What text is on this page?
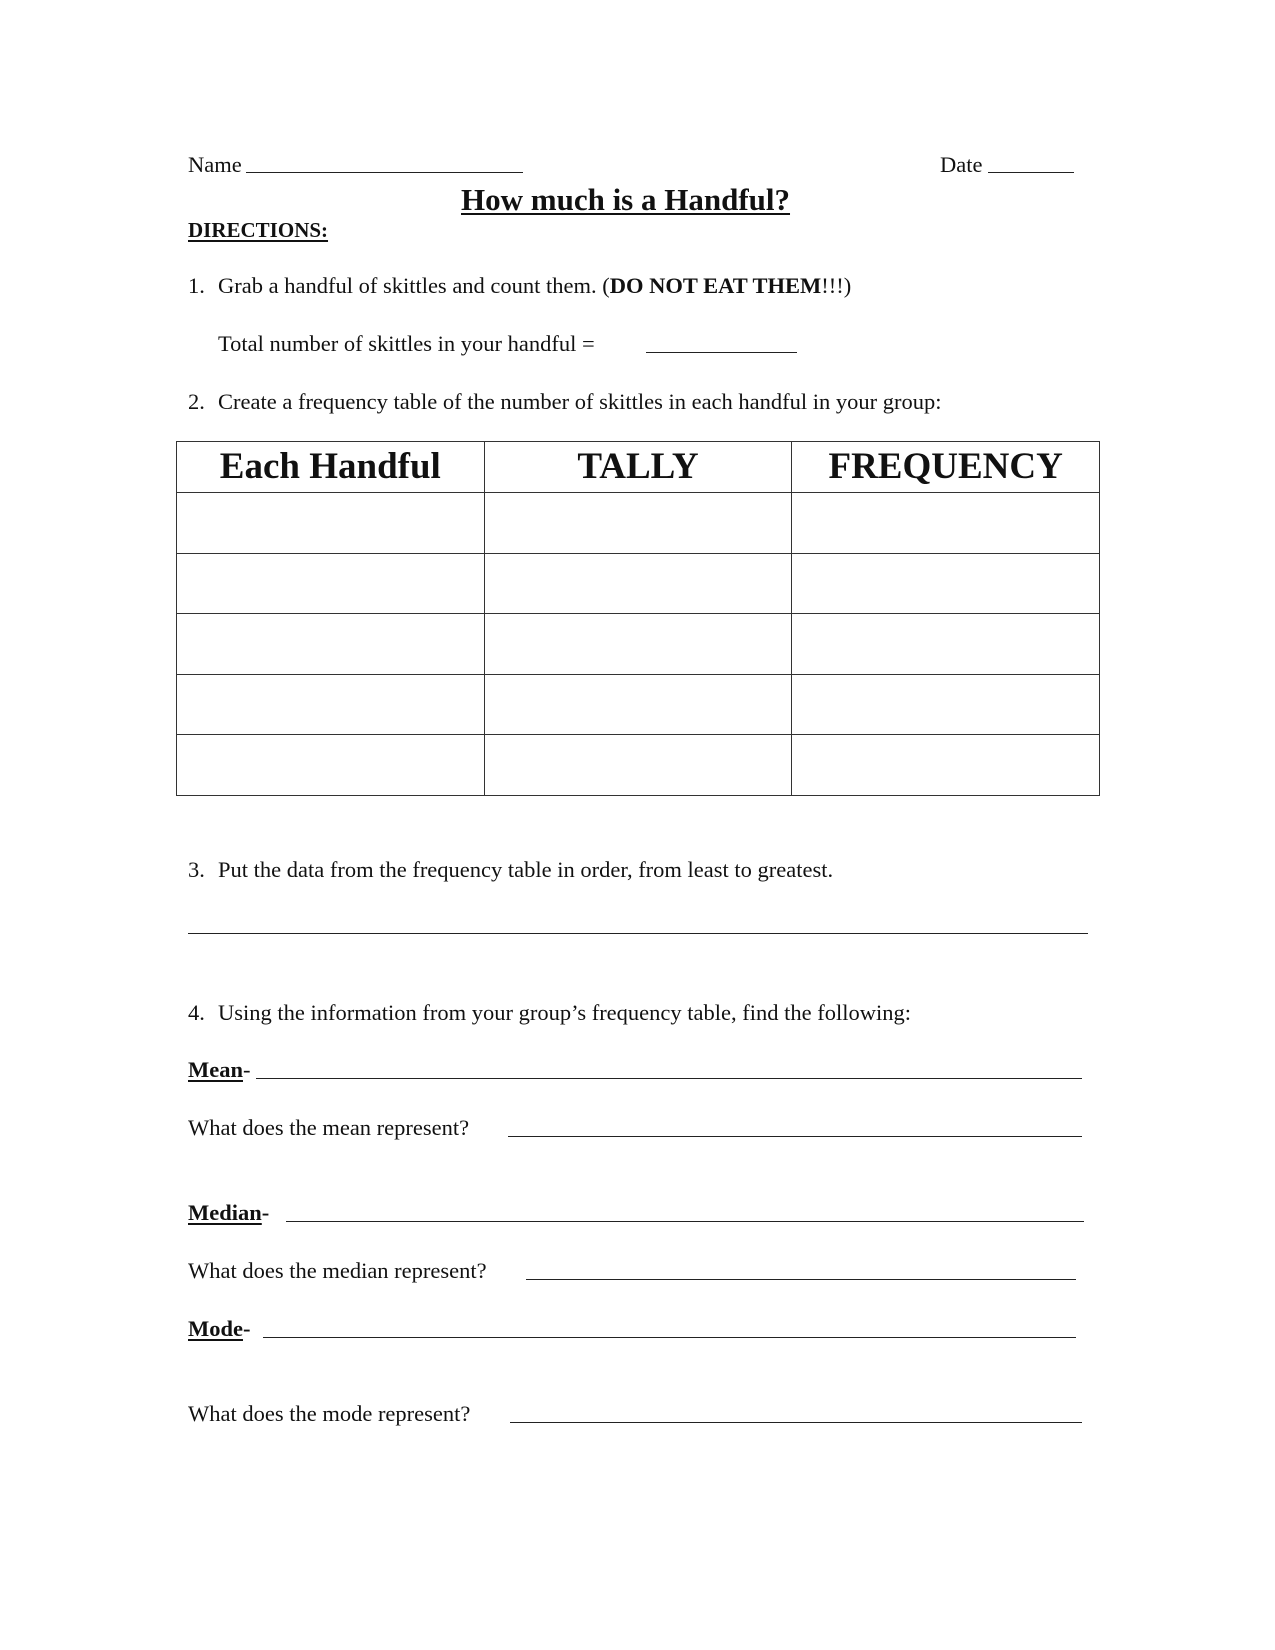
Name	Date
How much is a Handful?
DIRECTIONS:
1. Grab a handful of skittles and count them. (DO NOT EAT THEM!!!)
Total number of skittles in your handful =
2. Create a frequency table of the number of skittles in each handful in your group:
Each Handful	TALLY	FREQUENCY

3. Put the data from the frequency table in order, from least to greatest.
4. Using the information from your group’s frequency table, find the following:
Mean-
What does the mean represent?
Median-
What does the median represent?
Mode-
What does the mode represent?
